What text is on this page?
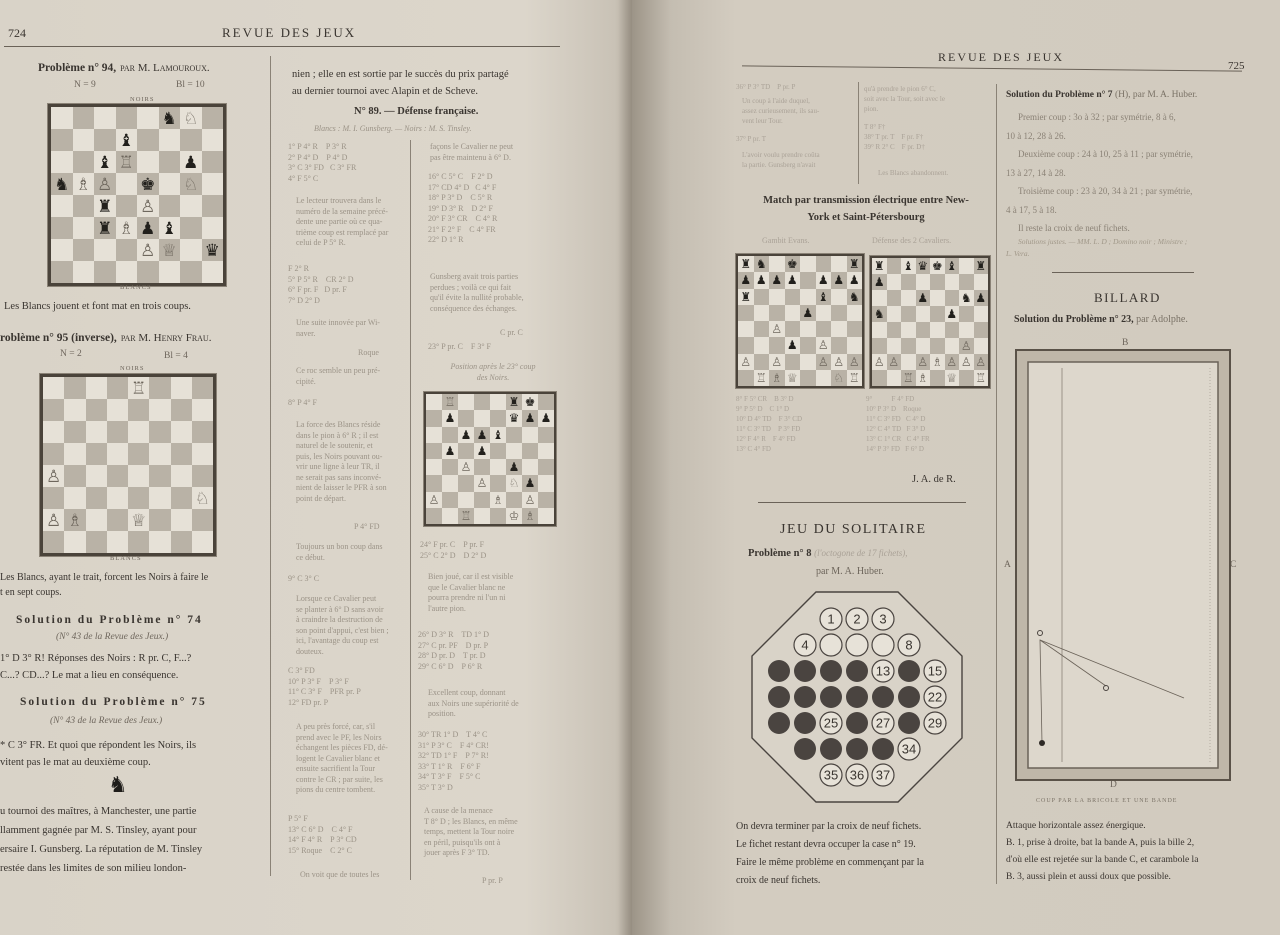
724	REVUE DES JEUX
Problème n° 94, par M. Lamouroux.
N = 9	Bl = 10
NOIRS
♞ ♘
♝
♝ ♖	♟
♞ ♗ ♙ ♚ ♘
♜ ♙
♜ ♗ ♟ ♝
♙ ♕ ♛
BLANCS
Les Blancs jouent et font mat en trois coups.
roblème n° 95 (inverse), par M. Henry Frau.
N = 2	Bl = 4
NOIRS
♖
♙
♘
♙ ♗	♕
BLANCS
Les Blancs, ayant le trait, forcent les Noirs à faire le
t en sept coups.
Solution du Problème n° 74
(N° 43 de la Revue des Jeux.)
1° D 3° R! Réponses des Noirs : R pr. C, F...?
C...? CD...? Le mat a lieu en conséquence.
Solution du Problème n° 75
(N° 43 de la Revue des Jeux.)
* C 3° FR. Et quoi que répondent les Noirs, ils
vitent pas le mat au deuxième coup.
♞
u tournoi des maîtres, à Manchester, une partie
llamment gagnée par M. S. Tinsley, ayant pour
ersaire I. Gunsberg. La réputation de M. Tinsley
restée dans les limites de son milieu london-
nien ; elle en est sortie par le succès du prix partagé
au dernier tournoi avec Alapin et de Scheve.
N° 89. — Défense française.
Blancs : M. I. Gunsberg. — Noirs : M. S. Tinsley.
1° P 4° R    P 3° R
2° P 4° D    P 4° D
3° C 3° FD   C 3° FR
4° F 5° C
Le lecteur trouvera dans le
numéro de la semaine précé-
dente une partie où ce qua-
trième coup est remplacé par
celui de P 5° R.
F 2° R
5° P 5° R    CR 2° D
6° F pr. F   D pr. F
7° D 2° D
Une suite innovée par Wi-
naver.
Roque
Ce roc semble un peu pré-
cipité.
8° P 4° F
La force des Blancs réside
dans le pion à 6° R ; il est
naturel de le soutenir, et
puis, les Noirs pouvant ou-
vrir une ligne à leur TR, il
ne serait pas sans inconvé-
nient de laisser le PFR à son
point de départ.
P 4° FD
Toujours un bon coup dans
ce début.
9° C 3° C
Lorsque ce Cavalier peut
se planter à 6° D sans avoir
à craindre la destruction de
son point d'appui, c'est bien ;
ici, l'avantage du coup est
douteux.
C 3° FD
10° P 3° F    P 3° F
11° C 3° F    PFR pr. P
12° FD pr. P
A peu près forcé, car, s'il
prend avec le PF, les Noirs
échangent les pièces FD, dé-
logent le Cavalier blanc et
ensuite sacrifient la Tour
contre le CR ; par suite, les
pions du centre tombent.
P 5° F
13° C 6° D    C 4° F
14° F 4° R    P 3° CD
15° Roque    C 2° C
On voit que de toutes les
façons le Cavalier ne peut
pas être maintenu à 6° D.
16° C 5° C    F 2° D
17° CD 4° D   C 4° F
18° P 3° D    C 5° R
19° D 3° R    D 2° F
20° F 3° CR    C 4° R
21° F 2° F    C 4° FR
22° D 1° R
Gunsberg avait trois parties
perdues ; voilà ce qui fait
qu'il évite la nullité probable,
conséquence des échanges.
C pr. C
23° P pr. C    F 3° F
Position après le 23° coup
des Noirs.
♖	♜ ♚
♟	♛ ♟ ♟
♟ ♟ ♝
♟ ♟
♙	♟
♙ ♘ ♟
♙	♗ ♙
♖	♔ ♗
24° F pr. C    P pr. F
25° C 2° D    D 2° D
Bien joué, car il est visible
que le Cavalier blanc ne
pourra prendre ni l'un ni
l'autre pion.
26° D 3° R    TD 1° D
27° C pr. PF    D pr. P
28° D pr. D    T pr. D
29° C 6° D    P 6° R
Excellent coup, donnant
aux Noirs une supériorité de
position.
30° TR 1° D    T 4° C
31° P 3° C    F 4° CR!
32° TD 1° F    P 7° R!
33° T 1° R    F 6° F
34° T 3° F    F 5° C
35° T 3° D
A cause de la menace
T 8° D ; les Blancs, en même
temps, mettent la Tour noire
en péril, puisqu'ils ont à
jouer après F 3° TD.
P pr. P
REVUE DES JEUX
725
36° P 3° TD    P pr. P
Un coup à l'aide duquel,
assez curieusement, ils sau-
vent leur Tour.
37° P pr. T
L'avoir voulu prendre coûta
la partie. Gunsberg n'avait
qu'à prendre le pion 6° C,
soit avec la Tour, soit avec le
pion.
T 8° F†
38° T pr. T    F pr. F†
39° R 2° C    F pr. D†
Les Blancs abandonnent.
Match par transmission électrique entre New-
York et Saint-Pétersbourg
Gambit Evans.	Défense des 2 Cavaliers.
♜ ♞ ♚	♜
♟ ♟ ♟ ♟ ♟ ♟ ♟
♜	♝ ♞
♟
♙
♟ ♙
♙ ♙	♙ ♙ ♙
♖ ♗ ♕	♘ ♖
♜ ♝ ♛ ♚ ♝ ♜
♟
♟	♞ ♟
♞	♟
♙
♙ ♙ ♙ ♗ ♙ ♙ ♙
♖ ♗ ♕ ♖
8° F 5° CR    B 3° D
9° P 5° D    C 1° D
10° D 4° TD    F 3° CD
11° C 3° TD    P 3° FD
12° F 4° R    F 4° FD
13° C 4° FD
9°           F 4° FD
10° P 3° D    Roque
11° C 3° FD   C 4° D
12° C 4° TD   F 3° D
13° C 1° CR   C 4° FR
14° P 3° FD   F 6° D
J. A. de R.
JEU DU SOLITAIRE
Problème n° 8 (l'octogone de 17 fichets),
par M. A. Huber.
1 2 3
4	8
13	15
22
25	27	29
34
35 36 37
On devra terminer par la croix de neuf fichets.
Le fichet restant devra occuper la case n° 19.
Faire le même problème en commençant par la
croix de neuf fichets.
Solution du Problème n° 7 (H), par M. A. Huber.
Premier coup : 3o à 32 ; par symétrie, 8 à 6,
10 à 12, 28 à 26.
Deuxième coup : 24 à 10, 25 à 11 ; par symétrie,
13 à 27, 14 à 28.
Troisième coup : 23 à 20, 34 à 21 ; par symétrie,
4 à 17, 5 à 18.
Il reste la croix de neuf fichets.
Solutions justes. — MM. L. D ; Domino noir ; Ministre ;
L. Vera.
BILLARD
Solution du Problème n° 23, par Adolphe.
B
A	C
D
COUP PAR LA BRICOLE ET UNE BANDE
Attaque horizontale assez énergique.
B. 1, prise à droite, bat la bande A, puis la bille 2,
d'où elle est rejetée sur la bande C, et carambole la
B. 3, aussi plein et aussi doux que possible.
